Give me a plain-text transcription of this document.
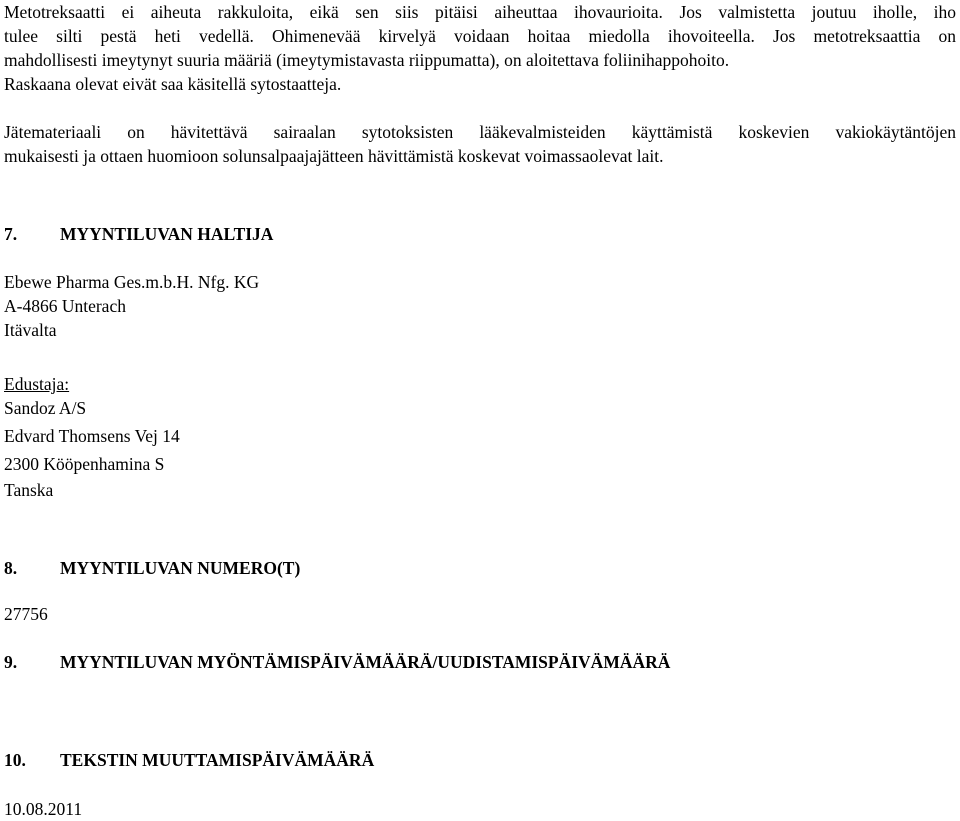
Metotreksaatti ei aiheuta rakkuloita, eikä sen siis pitäisi aiheuttaa ihovaurioita. Jos valmistetta joutuu iholle, iho
tulee silti pestä heti vedellä. Ohimenevää kirvelyä voidaan hoitaa miedolla ihovoiteella. Jos metotreksaattia on
mahdollisesti imeytynyt suuria määriä (imeytymistavasta riippumatta), on aloitettava foliinihappohoito.
Raskaana olevat eivät saa käsitellä sytostaatteja.
Jätemateriaali on hävitettävä sairaalan sytotoksisten lääkevalmisteiden käyttämistä koskevien vakiokäytäntöjen
mukaisesti ja ottaen huomioon solunsalpaajajätteen hävittämistä koskevat voimassaolevat lait.
7. MYYNTILUVAN HALTIJA
Ebewe Pharma Ges.m.b.H. Nfg. KG
A-4866 Unterach
Itävalta
Edustaja:
Sandoz A/S
Edvard Thomsens Vej 14
2300 Kööpenhamina S
Tanska
8. MYYNTILUVAN NUMERO(T)
27756
9. MYYNTILUVAN MYÖNTÄMISPÄIVÄMÄÄRÄ/UUDISTAMISPÄIVÄMÄÄRÄ
10. TEKSTIN MUUTTAMISPÄIVÄMÄÄRÄ
10.08.2011
